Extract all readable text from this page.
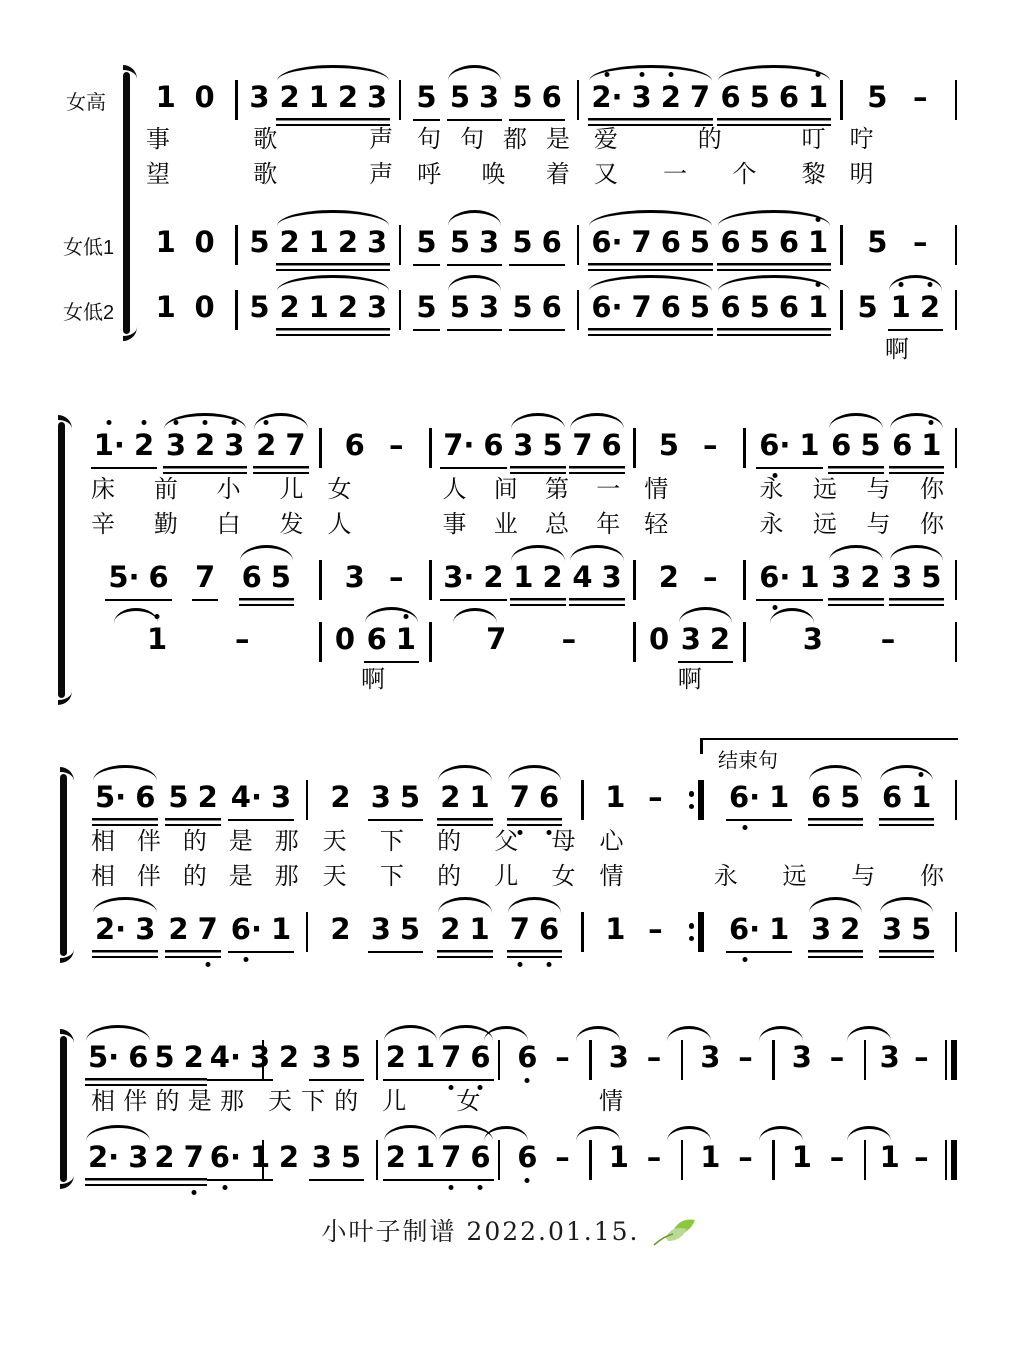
女高
女低1
女低2
结束句
1 0 3 2 1 2 3 5 5 3 5 6 2· 3 2 7 6 5 6 1 5 –
事	歌	声 句 句 都 是 爱	的	叮 咛
望	歌	声 呼 唤 着 又 一 个 黎 明
1 0 5 2 1 2 3 5 5 3 5 6 6· 7 6 5 6 5 6 1 5 –
1 0 5 2 1 2 3 5 5 3 5 6 6· 7 6 5 6 5 6 1 5 1 2
啊
1· 2 3 2 3 2 7 6 – 7· 6 3 5 7 6 5 – 6· 1 6 5 6 1
床 前 小 儿 女	人 间 第 一 情	永 远 与 你
辛 勤 白 发 人	事 业 总 年 轻	永 远 与 你
5· 6 7 6 5 3 – 3· 2 1 2 4 3 2 – 6· 1 3 2 3 5
1 –	0 6 1 7 –	0 3 2	3 –
啊	啊
5· 6 5 2 4· 3 2 3 5 2 1 7 6 1 – 6· 1 6 5 6 1
相 伴 的 是 那 天 下 的 父 母 心
相 伴 的 是 那 天 下 的 儿 女 情	永 远 与 你
2· 3 2 7 6· 1 2 3 5 2 1 7 6 1 – 6· 1 3 2 3 5
5· 6 5 2 4· 3 2 3 5 2 1 7 6 6 – 3 – 3 – 3 – 3 –
相 伴 的 是 那 天 下 的 儿 女	情
2· 3 2 7 6· 1 2 3 5 2 1 7 6 6 – 1 – 1 – 1 – 1 –
小叶子制谱 2022.01.15.
